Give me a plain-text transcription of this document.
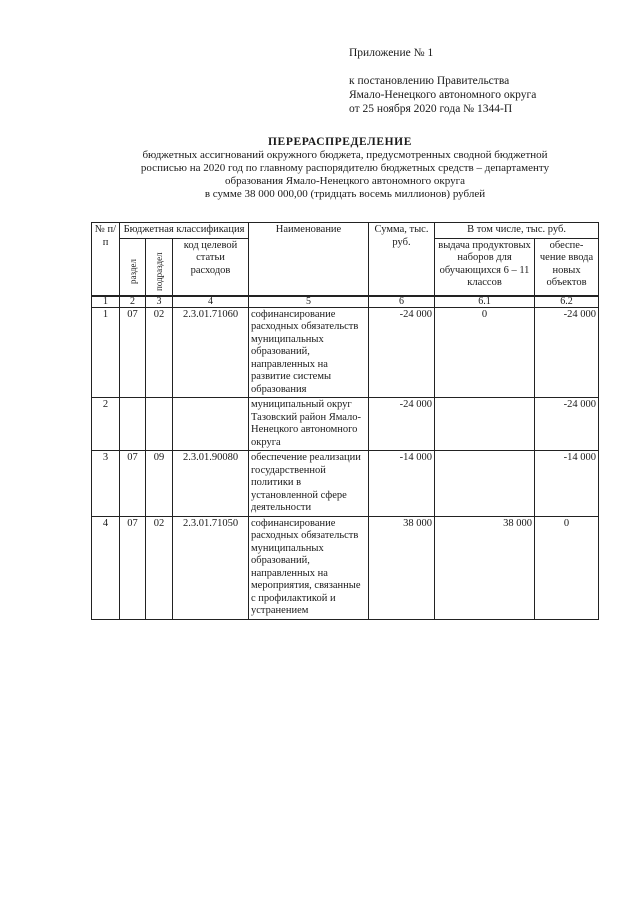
Приложение № 1
к постановлению Правительства
Ямало-Ненецкого автономного округа
от 25 ноября 2020 года № 1344-П
ПЕРЕРАСПРЕДЕЛЕНИЕ
бюджетных ассигнований окружного бюджета, предусмотренных сводной бюджетной
росписью на 2020 год по главному распорядителю бюджетных средств – департаменту
образования Ямало-Ненецкого автономного округа
в сумме 38 000 000,00 (тридцать восемь миллионов) рублей
№ п/п	Бюджетная классификация			Наименование	Сумма, тыс. руб.	В том числе, тыс. руб.	

	раздел	подраздел	код целевой статьи расходов			выдача продуктовых наборов для обучающихся 6 – 11 классов	обеспе-чение ввода новых объектов
1	2	3	4	5	6	6.1	6.2
1	07	02	2.3.01.71060	софинансирование расходных обязательств муниципальных образований, направленных на развитие системы образования	-24 000	0	-24 000
2				муниципальный округ Тазовский район Ямало-Ненецкого автономного округа	-24 000		-24 000
3	07	09	2.3.01.90080	обеспечение реализации государственной политики в установленной сфере деятельности	-14 000		-14 000
4	07	02	2.3.01.71050	софинансирование расходных обязательств муниципальных образований, направленных на мероприятия, связанные с профилактикой и устранением	38 000	38 000	0
